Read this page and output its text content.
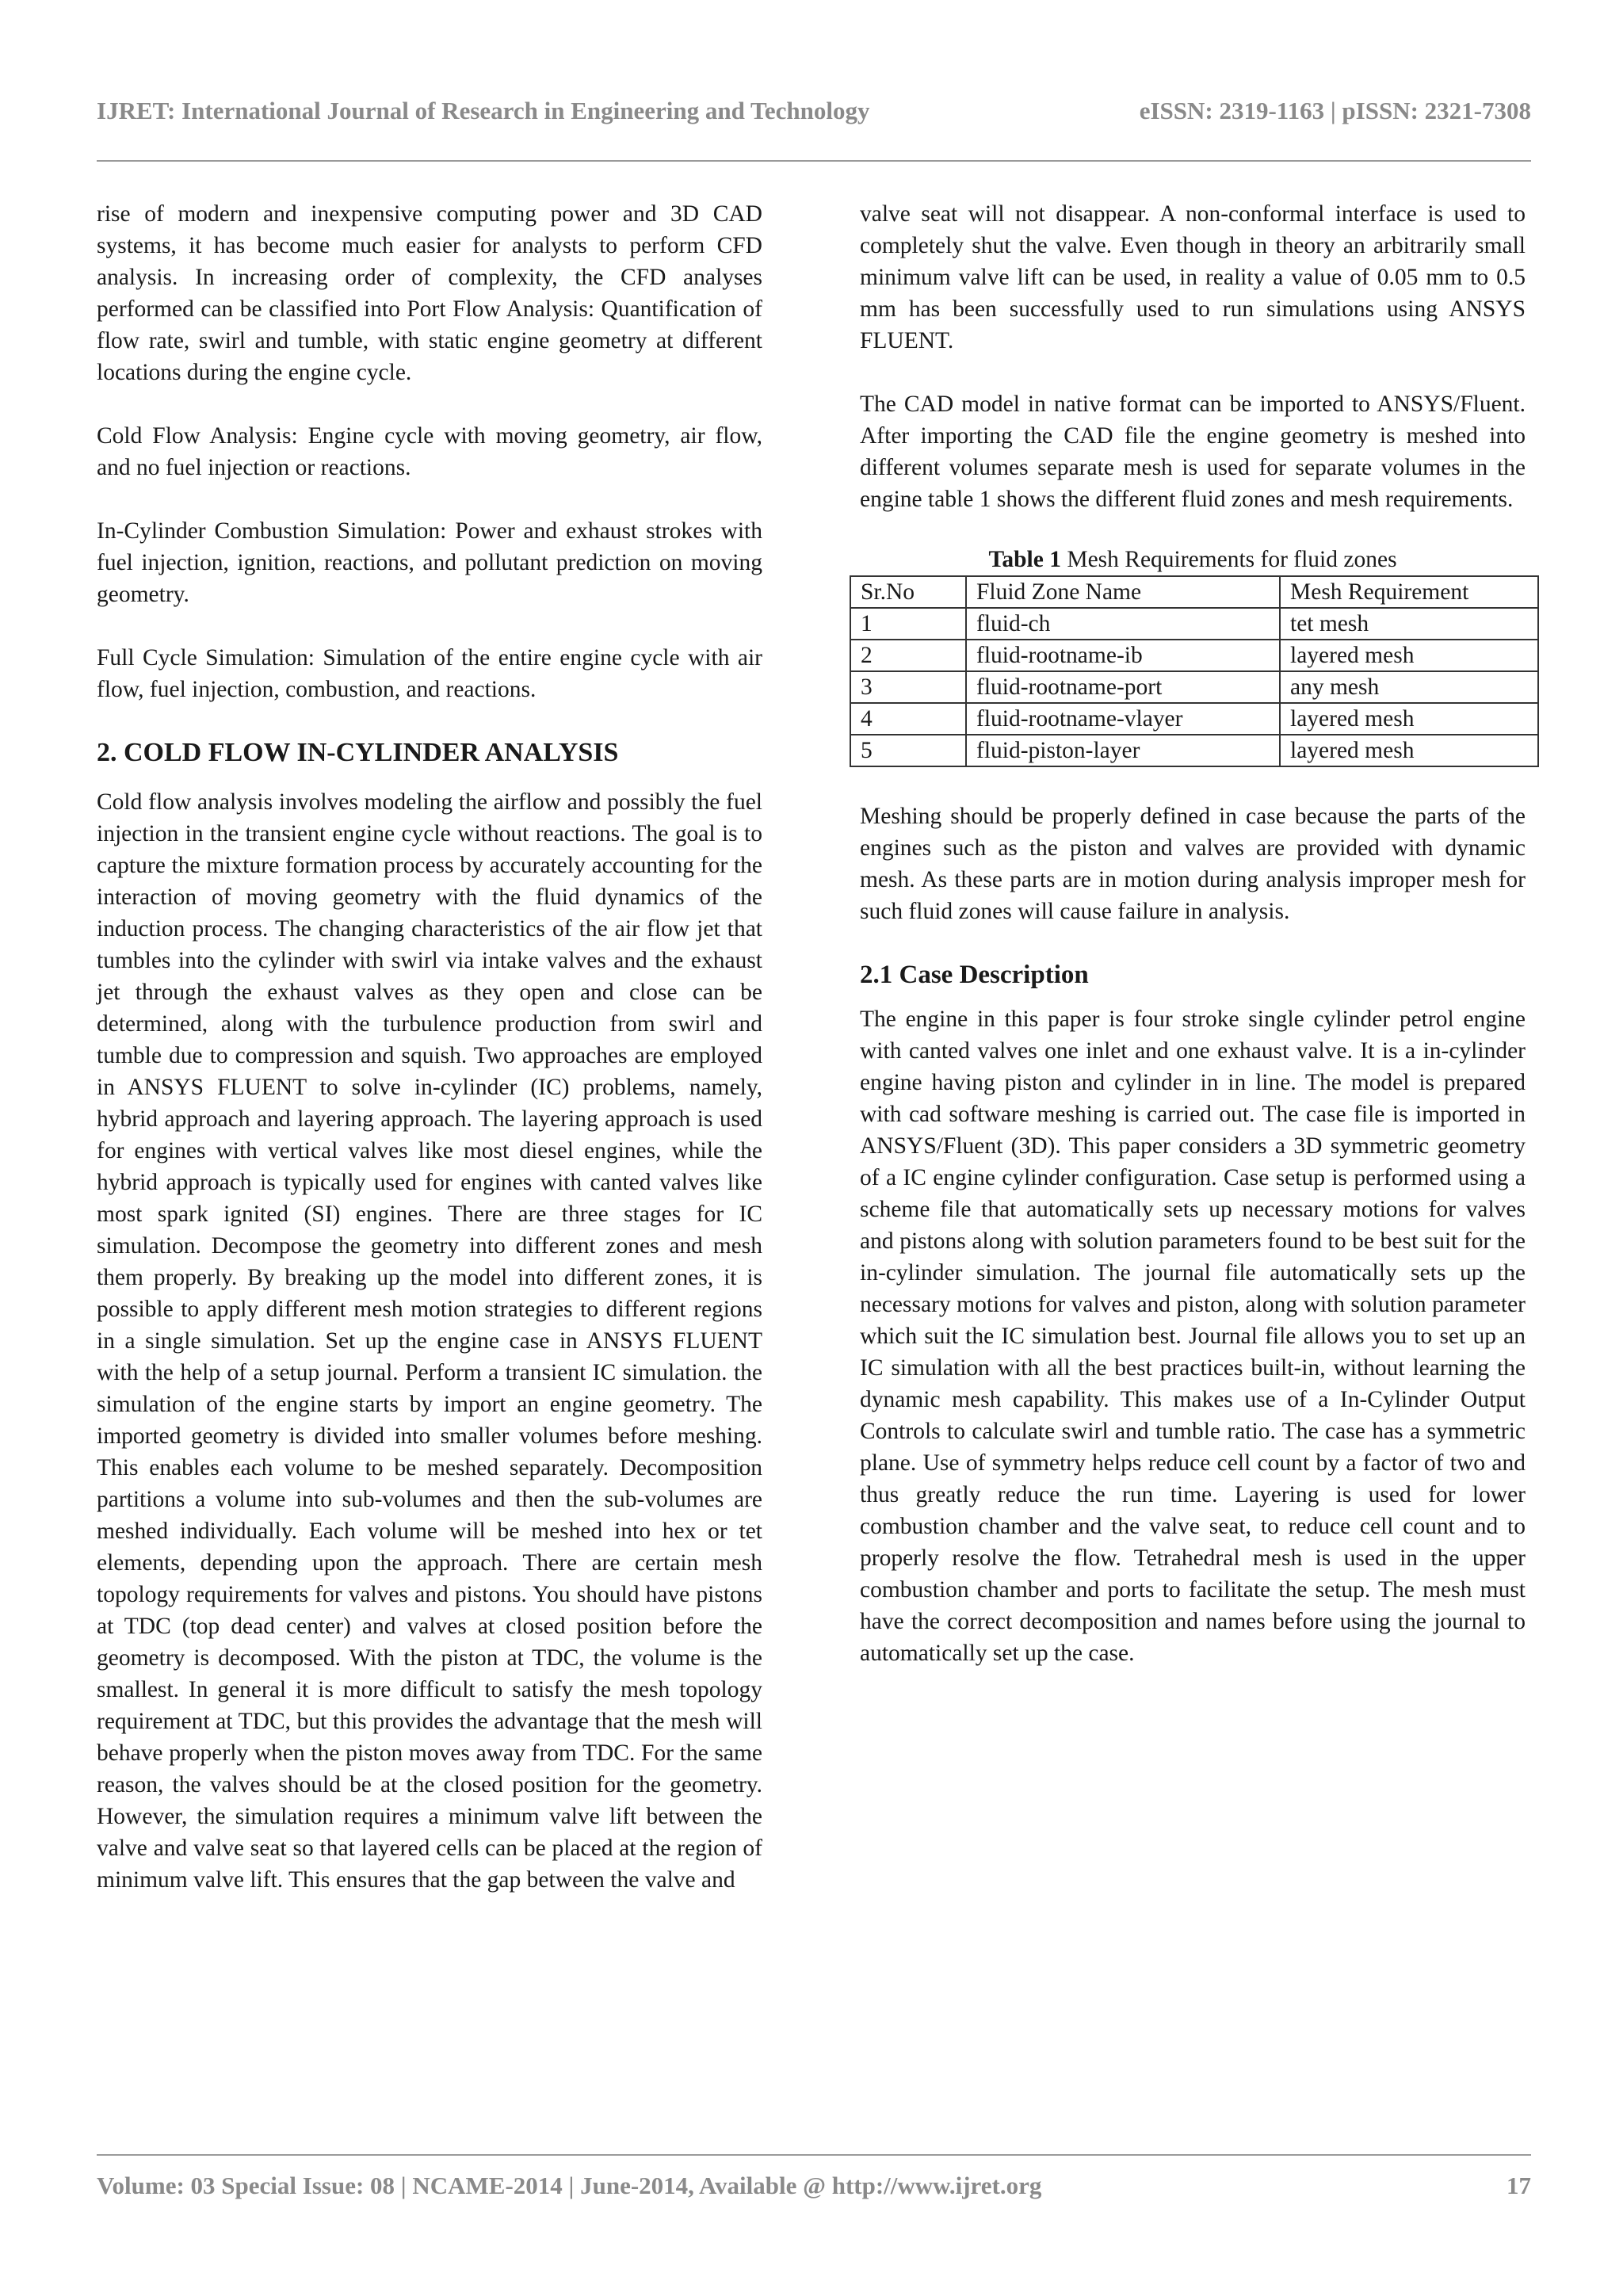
IJRET: International Journal of Research in Engineering and Technology	eISSN: 2319-1163 | pISSN: 2321-7308

rise of modern and inexpensive computing power and 3D CAD systems, it has become much easier for analysts to perform CFD analysis. In increasing order of complexity, the CFD analyses performed can be classified into Port Flow Analysis: Quantification of flow rate, swirl and tumble, with static engine geometry at different locations during the engine cycle.

Cold Flow Analysis: Engine cycle with moving geometry, air flow, and no fuel injection or reactions.

In-Cylinder Combustion Simulation: Power and exhaust strokes with fuel injection, ignition, reactions, and pollutant prediction on moving geometry.

Full Cycle Simulation: Simulation of the entire engine cycle with air flow, fuel injection, combustion, and reactions.

2. COLD FLOW IN-CYLINDER ANALYSIS

Cold flow analysis involves modeling the airflow and possibly the fuel injection in the transient engine cycle without reactions. The goal is to capture the mixture formation process by accurately accounting for the interaction of moving geometry with the fluid dynamics of the induction process. The changing characteristics of the air flow jet that tumbles into the cylinder with swirl via intake valves and the exhaust jet through the exhaust valves as they open and close can be determined, along with the turbulence production from swirl and tumble due to compression and squish. Two approaches are employed in ANSYS FLUENT to solve in-cylinder (IC) problems, namely, hybrid approach and layering approach. The layering approach is used for engines with vertical valves like most diesel engines, while the hybrid approach is typically used for engines with canted valves like most spark ignited (SI) engines. There are three stages for IC simulation. Decompose the geometry into different zones and mesh them properly. By breaking up the model into different zones, it is possible to apply different mesh motion strategies to different regions in a single simulation. Set up the engine case in ANSYS FLUENT with the help of a setup journal. Perform a transient IC simulation. the simulation of the engine starts by import an engine geometry. The imported geometry is divided into smaller volumes before meshing. This enables each volume to be meshed separately. Decomposition partitions a volume into sub-volumes and then the sub-volumes are meshed individually. Each volume will be meshed into hex or tet elements, depending upon the approach. There are certain mesh topology requirements for valves and pistons. You should have pistons at TDC (top dead center) and valves at closed position before the geometry is decomposed. With the piston at TDC, the volume is the smallest. In general it is more difficult to satisfy the mesh topology requirement at TDC, but this provides the advantage that the mesh will behave properly when the piston moves away from TDC. For the same reason, the valves should be at the closed position for the geometry. However, the simulation requires a minimum valve lift between the valve and valve seat so that layered cells can be placed at the region of minimum valve lift. This ensures that the gap between the valve and

valve seat will not disappear. A non-conformal interface is used to completely shut the valve. Even though in theory an arbitrarily small minimum valve lift can be used, in reality a value of 0.05 mm to 0.5 mm has been successfully used to run simulations using ANSYS FLUENT.

The CAD model in native format can be imported to ANSYS/Fluent. After importing the CAD file the engine geometry is meshed into different volumes separate mesh is used for separate volumes in the engine table 1 shows the different fluid zones and mesh requirements.

Table 1 Mesh Requirements for fluid zones
Sr.No	Fluid Zone Name	Mesh Requirement
1	fluid-ch	tet mesh
2	fluid-rootname-ib	layered mesh
3	fluid-rootname-port	any mesh
4	fluid-rootname-vlayer	layered mesh
5	fluid-piston-layer	layered mesh

Meshing should be properly defined in case because the parts of the engines such as the piston and valves are provided with dynamic mesh. As these parts are in motion during analysis improper mesh for such fluid zones will cause failure in analysis.

2.1 Case Description

The engine in this paper is four stroke single cylinder petrol engine with canted valves one inlet and one exhaust valve. It is a in-cylinder engine having piston and cylinder in in line. The model is prepared with cad software meshing is carried out. The case file is imported in ANSYS/Fluent (3D). This paper considers a 3D symmetric geometry of a IC engine cylinder configuration. Case setup is performed using a scheme file that automatically sets up necessary motions for valves and pistons along with solution parameters found to be best suit for the in-cylinder simulation. The journal file automatically sets up the necessary motions for valves and piston, along with solution parameter which suit the IC simulation best. Journal file allows you to set up an IC simulation with all the best practices built-in, without learning the dynamic mesh capability. This makes use of a In-Cylinder Output Controls to calculate swirl and tumble ratio. The case has a symmetric plane. Use of symmetry helps reduce cell count by a factor of two and thus greatly reduce the run time. Layering is used for lower combustion chamber and the valve seat, to reduce cell count and to properly resolve the flow. Tetrahedral mesh is used in the upper combustion chamber and ports to facilitate the setup. The mesh must have the correct decomposition and names before using the journal to automatically set up the case.

Volume: 03 Special Issue: 08 | NCAME-2014 | June-2014, Available @ http://www.ijret.org	17
